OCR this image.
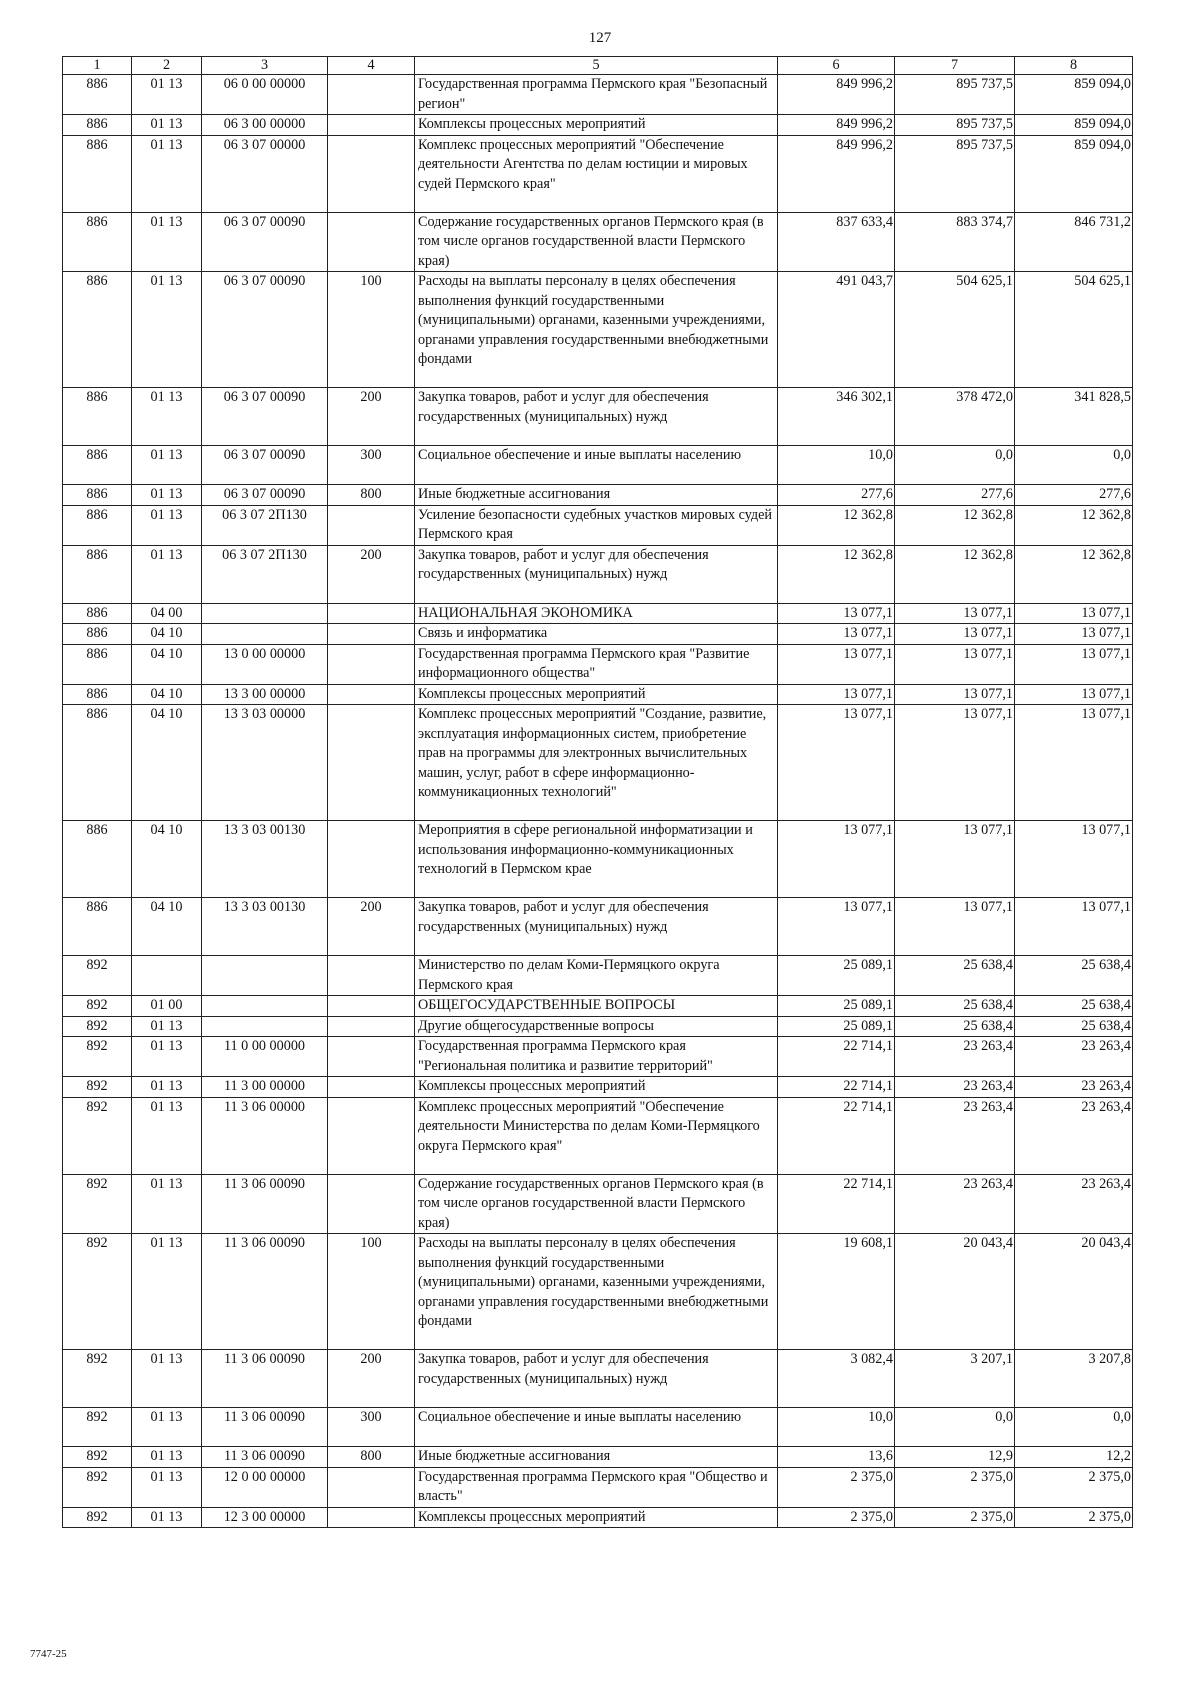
127
1	2	3	4	5	6	7	8
886	01 13	06 0 00 00000		Государственная программа Пермского края "Безопасный регион"	849 996,2	895 737,5	859 094,0
886	01 13	06 3 00 00000		Комплексы процессных мероприятий	849 996,2	895 737,5	859 094,0
886	01 13	06 3 07 00000		Комплекс процессных мероприятий "Обеспечение деятельности Агентства по делам юстиции и мировых судей Пермского края"	849 996,2	895 737,5	859 094,0
886	01 13	06 3 07 00090		Содержание государственных органов Пермского края (в том числе органов государственной власти Пермского края)	837 633,4	883 374,7	846 731,2
886	01 13	06 3 07 00090	100	Расходы на выплаты персоналу в целях обеспечения выполнения функций государственными (муниципальными) органами, казенными учреждениями, органами управления государственными внебюджетными фондами	491 043,7	504 625,1	504 625,1
886	01 13	06 3 07 00090	200	Закупка товаров, работ и услуг для обеспечения государственных (муниципальных) нужд	346 302,1	378 472,0	341 828,5
886	01 13	06 3 07 00090	300	Социальное обеспечение и иные выплаты населению	10,0	0,0	0,0
886	01 13	06 3 07 00090	800	Иные бюджетные ассигнования	277,6	277,6	277,6
886	01 13	06 3 07 2П130		Усиление безопасности судебных участков мировых судей Пермского края	12 362,8	12 362,8	12 362,8
886	01 13	06 3 07 2П130	200	Закупка товаров, работ и услуг для обеспечения государственных (муниципальных) нужд	12 362,8	12 362,8	12 362,8
886	04 00			НАЦИОНАЛЬНАЯ ЭКОНОМИКА	13 077,1	13 077,1	13 077,1
886	04 10			Связь и информатика	13 077,1	13 077,1	13 077,1
886	04 10	13 0 00 00000		Государственная программа Пермского края "Развитие информационного общества"	13 077,1	13 077,1	13 077,1
886	04 10	13 3 00 00000		Комплексы процессных мероприятий	13 077,1	13 077,1	13 077,1
886	04 10	13 3 03 00000		Комплекс процессных мероприятий "Создание, развитие, эксплуатация информационных систем, приобретение прав на программы для электронных вычислительных машин, услуг, работ в сфере информационно-коммуникационных технологий"	13 077,1	13 077,1	13 077,1
886	04 10	13 3 03 00130		Мероприятия в сфере региональной информатизации и использования информационно-коммуникационных технологий в Пермском крае	13 077,1	13 077,1	13 077,1
886	04 10	13 3 03 00130	200	Закупка товаров, работ и услуг для обеспечения государственных (муниципальных) нужд	13 077,1	13 077,1	13 077,1
892				Министерство по делам Коми-Пермяцкого округа Пермского края	25 089,1	25 638,4	25 638,4
892	01 00			ОБЩЕГОСУДАРСТВЕННЫЕ ВОПРОСЫ	25 089,1	25 638,4	25 638,4
892	01 13			Другие общегосударственные вопросы	25 089,1	25 638,4	25 638,4
892	01 13	11 0 00 00000		Государственная программа Пермского края "Региональная политика и развитие территорий"	22 714,1	23 263,4	23 263,4
892	01 13	11 3 00 00000		Комплексы процессных мероприятий	22 714,1	23 263,4	23 263,4
892	01 13	11 3 06 00000		Комплекс процессных мероприятий "Обеспечение деятельности Министерства по делам Коми-Пермяцкого округа Пермского края"	22 714,1	23 263,4	23 263,4
892	01 13	11 3 06 00090		Содержание государственных органов Пермского края (в том числе органов государственной власти Пермского края)	22 714,1	23 263,4	23 263,4
892	01 13	11 3 06 00090	100	Расходы на выплаты персоналу в целях обеспечения выполнения функций государственными (муниципальными) органами, казенными учреждениями, органами управления государственными внебюджетными фондами	19 608,1	20 043,4	20 043,4
892	01 13	11 3 06 00090	200	Закупка товаров, работ и услуг для обеспечения государственных (муниципальных) нужд	3 082,4	3 207,1	3 207,8
892	01 13	11 3 06 00090	300	Социальное обеспечение и иные выплаты населению	10,0	0,0	0,0
892	01 13	11 3 06 00090	800	Иные бюджетные ассигнования	13,6	12,9	12,2
892	01 13	12 0 00 00000		Государственная программа Пермского края "Общество и власть"	2 375,0	2 375,0	2 375,0
892	01 13	12 3 00 00000		Комплексы процессных мероприятий	2 375,0	2 375,0	2 375,0
7747-25
